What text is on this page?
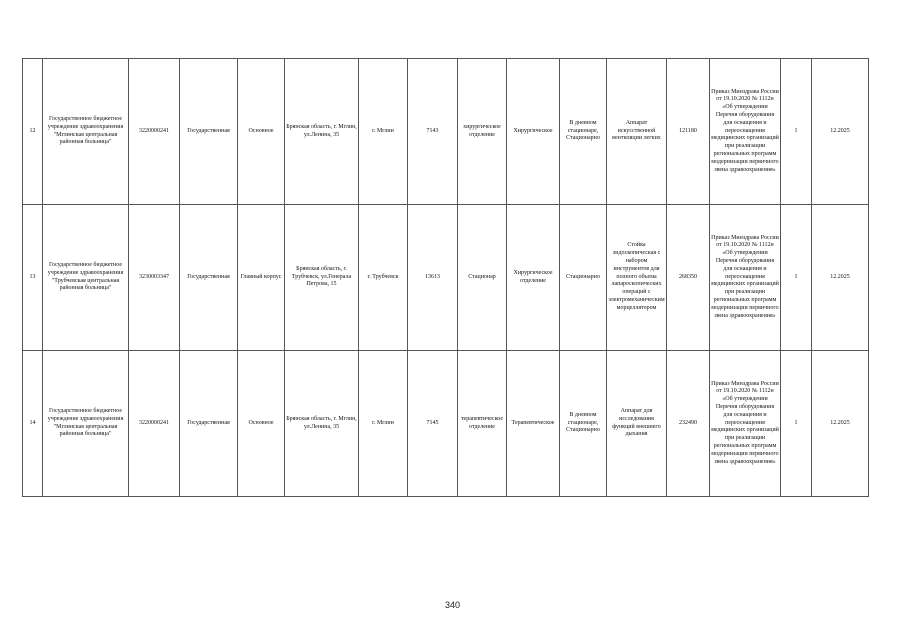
12	Государственное бюджетное учреждение здравоохранения "Мглинская центральная районная больница"	3220000241	Государственная	Основное	Брянская область, г. Мглин, ул.Ленина, 35	г. Мглин	7143	хирургическое отделение	Хирургическое	В дневном стационаре, Стационарно	Аппарат искусственной вентиляции легких	121180	Приказ Минздрава России от 19.10.2020 № 1112н «Об утверждении Перечня оборудования для оснащения и переоснащения медицинских организаций при реализации региональных программ модернизации первичного звена здравоохранения»	1	12.2025
13	Государственное бюджетное учреждение здравоохранения "Трубчевская центральная районная больница"	3230003347	Государственная	Главный корпус	Брянская область, г. Трубчевск, ул.Генерала Петрова, 15	г. Трубчевск	13613	Стационар	Хирургическое отделение	Стационарно	Стойка эндоскопическая с набором инструментов для полного объема лапароскопических операций с электромеханическим морцеллятором	268350	Приказ Минздрава России от 19.10.2020 № 1112н «Об утверждении Перечня оборудования для оснащения и переоснащения медицинских организаций при реализации региональных программ модернизации первичного звена здравоохранения»	1	12.2025
14	Государственное бюджетное учреждение здравоохранения "Мглинская центральная районная больница"	3220000241	Государственная	Основное	Брянская область, г. Мглин, ул.Ленина, 35	г. Мглин	7145	терапевтическое отделение	Терапевтическое	В дневном стационаре, Стационарно	Аппарат для исследования функций внешнего дыхания	232490	Приказ Минздрава России от 19.10.2020 № 1112н «Об утверждении Перечня оборудования для оснащения и переоснащения медицинских организаций при реализации региональных программ модернизации первичного звена здравоохранения»	1	12.2025
340
